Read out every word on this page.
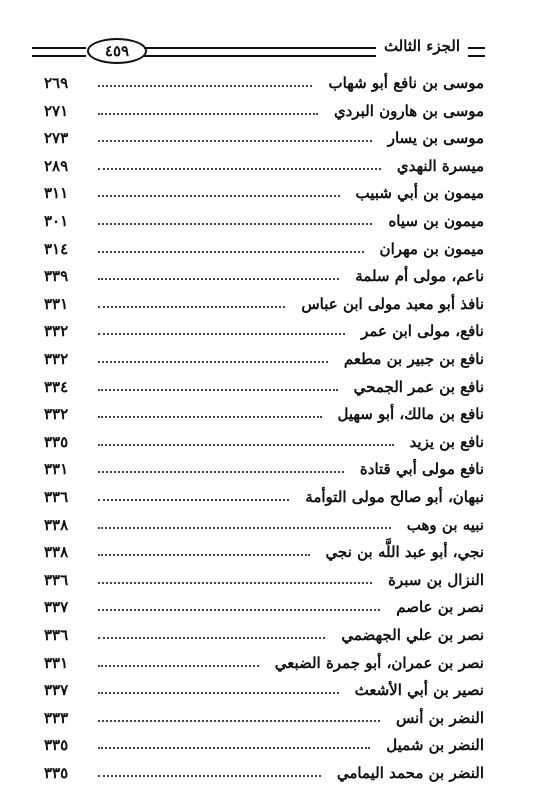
٤٥٩	الجزء الثالث
موسى بن نافع أبو شهاب
٢٦٩
موسى بن هارون البردي
٢٧١
موسى بن يسار
٢٧٣
ميسرة النهدي
٢٨٩
ميمون بن أبي شبيب
٣١١
ميمون بن سياه
٣٠١
ميمون بن مهران
٣١٤
ناعم، مولى أم سلمة
٣٣٩
نافذ أبو معبد مولى ابن عباس
٣٣١
نافع، مولى ابن عمر
٣٣٢
نافع بن جبير بن مطعم
٣٣٢
نافع بن عمر الجمحي
٣٣٤
نافع بن مالك، أبو سهيل
٣٣٢
نافع بن يزيد
٣٣٥
نافع مولى أبي قتادة
٣٣١
نبهان، أبو صالح مولى التوأمة
٣٣٦
نبيه بن وهب
٣٣٨
نجي، أبو عبد اللَّه بن نجي
٣٣٨
النزال بن سبرة
٣٣٦
نصر بن عاصم
٣٣٧
نصر بن علي الجهضمي
٣٣٦
نصر بن عمران، أبو جمرة الضبعي
٣٣١
نصير بن أبي الأشعث
٣٣٧
النضر بن أنس
٣٣٣
النضر بن شميل
٣٣٥
النضر بن محمد اليمامي
٣٣٥
